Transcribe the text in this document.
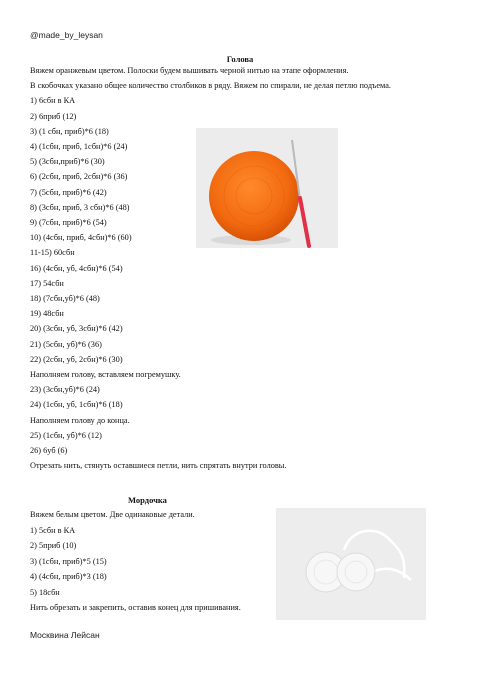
@made_by_leysan
Голова
Вяжем оранжевым цветом. Полоски будем вышивать черной нитью на этапе оформления.
В скобочках указано общее количество столбиков в ряду. Вяжем по спирали, не делая петлю подъема.
1) 6сбн в КА
2) 6приб (12)
3) (1 сбн, приб)*6 (18)
4) (1сбн, приб, 1сбн)*6 (24)
5) (3сбн,приб)*6 (30)
6) (2сбн, приб, 2сбн)*6 (36)
7) (5сбн, приб)*6 (42)
8) (3сбн, приб, 3 сбн)*6 (48)
9) (7сбн, приб)*6 (54)
10) (4сбн, приб, 4сбн)*6 (60)
11-15) 60сбн
16) (4сбн, уб, 4сбн)*6 (54)
17) 54сбн
18) (7сбн,уб)*6 (48)
19) 48сбн
20) (3сбн, уб, 3сбн)*6 (42)
21) (5сбн, уб)*6 (36)
22) (2сбн, уб, 2сбн)*6 (30)
Наполняем голову, вставляем погремушку.
23) (3сбн,уб)*6 (24)
24) (1сбн, уб, 1сбн)*6 (18)
Наполняем голову до конца.
25) (1сбн, уб)*6 (12)
26) 6уб (6)
Отрезать нить, стянуть оставшиеся петли, нить спрятать внутри головы.
Мордочка
Вяжем белым цветом. Две одинаковые детали.
1) 5сбн в КА
2) 5приб (10)
3) (1сбн, приб)*5 (15)
4) (4сбн, приб)*3 (18)
5) 18сбн
Нить обрезать и закрепить, оставив конец для пришивания.
Москвина Лейсан
